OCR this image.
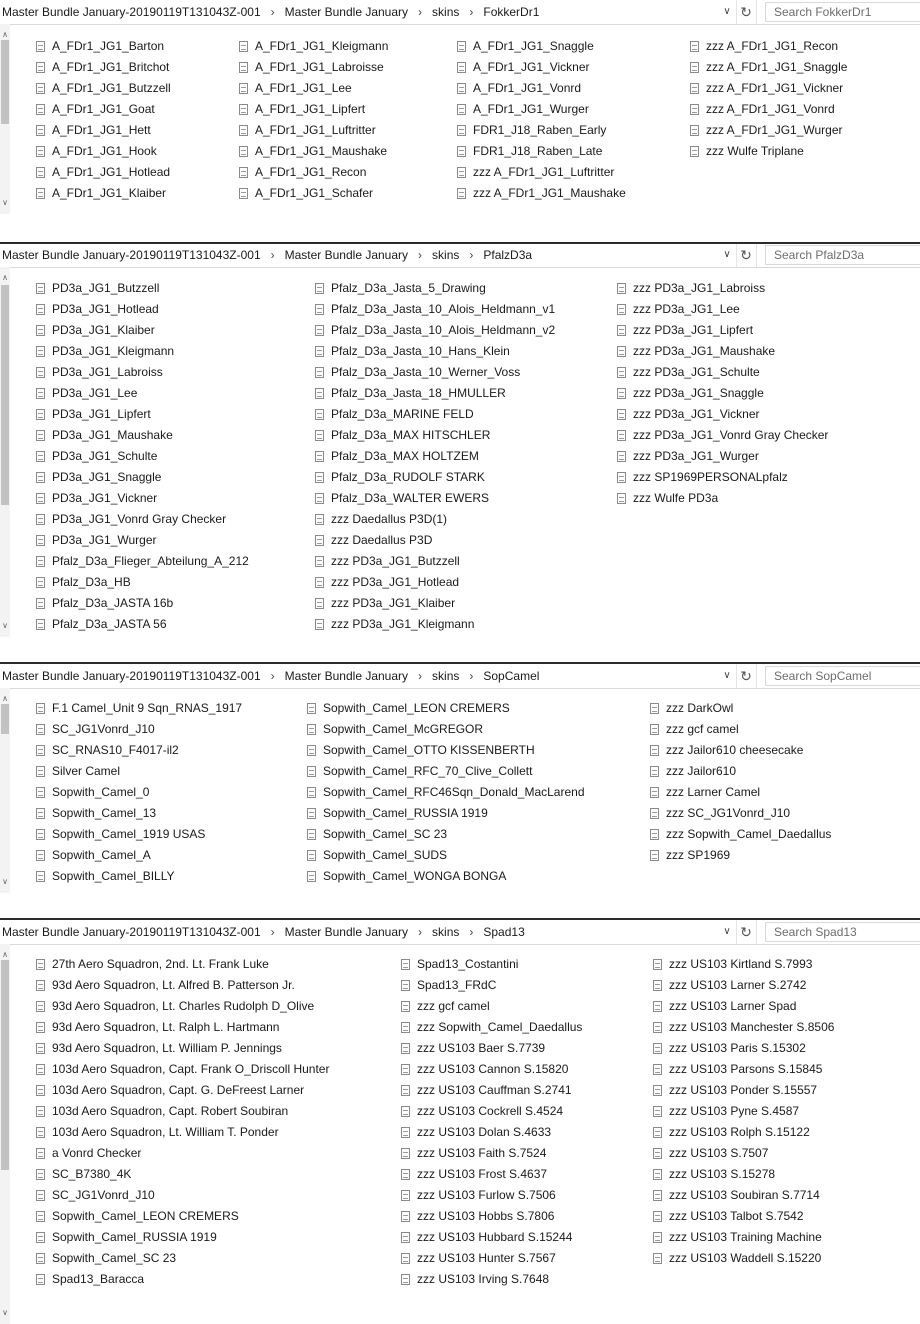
Master Bundle January-20190119T131043Z-001 › Master Bundle January › skins › FokkerDr1	∨ ↻	Search FokkerDr1
∧
∨
A_FDr1_JG1_Barton
A_FDr1_JG1_Britchot
A_FDr1_JG1_Butzzell
A_FDr1_JG1_Goat
A_FDr1_JG1_Hett
A_FDr1_JG1_Hook
A_FDr1_JG1_Hotlead
A_FDr1_JG1_Klaiber
A_FDr1_JG1_Kleigmann
A_FDr1_JG1_Labroisse
A_FDr1_JG1_Lee
A_FDr1_JG1_Lipfert
A_FDr1_JG1_Luftritter
A_FDr1_JG1_Maushake
A_FDr1_JG1_Recon
A_FDr1_JG1_Schafer
A_FDr1_JG1_Snaggle
A_FDr1_JG1_Vickner
A_FDr1_JG1_Vonrd
A_FDr1_JG1_Wurger
FDR1_J18_Raben_Early
FDR1_J18_Raben_Late
zzz A_FDr1_JG1_Luftritter
zzz A_FDr1_JG1_Maushake
zzz A_FDr1_JG1_Recon
zzz A_FDr1_JG1_Snaggle
zzz A_FDr1_JG1_Vickner
zzz A_FDr1_JG1_Vonrd
zzz A_FDr1_JG1_Wurger
zzz Wulfe Triplane
Master Bundle January-20190119T131043Z-001 › Master Bundle January › skins › PfalzD3a	∨ ↻	Search PfalzD3a
∧
∨
PD3a_JG1_Butzzell
PD3a_JG1_Hotlead
PD3a_JG1_Klaiber
PD3a_JG1_Kleigmann
PD3a_JG1_Labroiss
PD3a_JG1_Lee
PD3a_JG1_Lipfert
PD3a_JG1_Maushake
PD3a_JG1_Schulte
PD3a_JG1_Snaggle
PD3a_JG1_Vickner
PD3a_JG1_Vonrd Gray Checker
PD3a_JG1_Wurger
Pfalz_D3a_Flieger_Abteilung_A_212
Pfalz_D3a_HB
Pfalz_D3a_JASTA 16b
Pfalz_D3a_JASTA 56
Pfalz_D3a_Jasta_5_Drawing
Pfalz_D3a_Jasta_10_Alois_Heldmann_v1
Pfalz_D3a_Jasta_10_Alois_Heldmann_v2
Pfalz_D3a_Jasta_10_Hans_Klein
Pfalz_D3a_Jasta_10_Werner_Voss
Pfalz_D3a_Jasta_18_HMULLER
Pfalz_D3a_MARINE FELD
Pfalz_D3a_MAX HITSCHLER
Pfalz_D3a_MAX HOLTZEM
Pfalz_D3a_RUDOLF STARK
Pfalz_D3a_WALTER EWERS
zzz Daedallus P3D(1)
zzz Daedallus P3D
zzz PD3a_JG1_Butzzell
zzz PD3a_JG1_Hotlead
zzz PD3a_JG1_Klaiber
zzz PD3a_JG1_Kleigmann
zzz PD3a_JG1_Labroiss
zzz PD3a_JG1_Lee
zzz PD3a_JG1_Lipfert
zzz PD3a_JG1_Maushake
zzz PD3a_JG1_Schulte
zzz PD3a_JG1_Snaggle
zzz PD3a_JG1_Vickner
zzz PD3a_JG1_Vonrd Gray Checker
zzz PD3a_JG1_Wurger
zzz SP1969PERSONALpfalz
zzz Wulfe PD3a
Master Bundle January-20190119T131043Z-001 › Master Bundle January › skins › SopCamel	∨ ↻	Search SopCamel
∧
∨
F.1 Camel_Unit 9 Sqn_RNAS_1917
SC_JG1Vonrd_J10
SC_RNAS10_F4017-il2
Silver Camel
Sopwith_Camel_0
Sopwith_Camel_13
Sopwith_Camel_1919 USAS
Sopwith_Camel_A
Sopwith_Camel_BILLY
Sopwith_Camel_LEON CREMERS
Sopwith_Camel_McGREGOR
Sopwith_Camel_OTTO KISSENBERTH
Sopwith_Camel_RFC_70_Clive_Collett
Sopwith_Camel_RFC46Sqn_Donald_MacLarend
Sopwith_Camel_RUSSIA 1919
Sopwith_Camel_SC 23
Sopwith_Camel_SUDS
Sopwith_Camel_WONGA BONGA
zzz DarkOwl
zzz gcf camel
zzz Jailor610 cheesecake
zzz Jailor610
zzz Larner Camel
zzz SC_JG1Vonrd_J10
zzz Sopwith_Camel_Daedallus
zzz SP1969
Master Bundle January-20190119T131043Z-001 › Master Bundle January › skins › Spad13	∨ ↻	Search Spad13
∧
∨
27th Aero Squadron, 2nd. Lt. Frank Luke
93d Aero Squadron, Lt. Alfred B. Patterson Jr.
93d Aero Squadron, Lt. Charles Rudolph D_Olive
93d Aero Squadron, Lt. Ralph L. Hartmann
93d Aero Squadron, Lt. William P. Jennings
103d Aero Squadron, Capt. Frank O_Driscoll Hunter
103d Aero Squadron, Capt. G. DeFreest Larner
103d Aero Squadron, Capt. Robert Soubiran
103d Aero Squadron, Lt. William T. Ponder
a Vonrd Checker
SC_B7380_4K
SC_JG1Vonrd_J10
Sopwith_Camel_LEON CREMERS
Sopwith_Camel_RUSSIA 1919
Sopwith_Camel_SC 23
Spad13_Baracca
Spad13_Costantini
Spad13_FRdC
zzz gcf camel
zzz Sopwith_Camel_Daedallus
zzz US103 Baer S.7739
zzz US103 Cannon S.15820
zzz US103 Cauffman S.2741
zzz US103 Cockrell S.4524
zzz US103 Dolan S.4633
zzz US103 Faith S.7524
zzz US103 Frost S.4637
zzz US103 Furlow S.7506
zzz US103 Hobbs S.7806
zzz US103 Hubbard S.15244
zzz US103 Hunter S.7567
zzz US103 Irving S.7648
zzz US103 Kirtland S.7993
zzz US103 Larner S.2742
zzz US103 Larner Spad
zzz US103 Manchester S.8506
zzz US103 Paris S.15302
zzz US103 Parsons S.15845
zzz US103 Ponder S.15557
zzz US103 Pyne S.4587
zzz US103 Rolph S.15122
zzz US103 S.7507
zzz US103 S.15278
zzz US103 Soubiran S.7714
zzz US103 Talbot S.7542
zzz US103 Training Machine
zzz US103 Waddell S.15220
